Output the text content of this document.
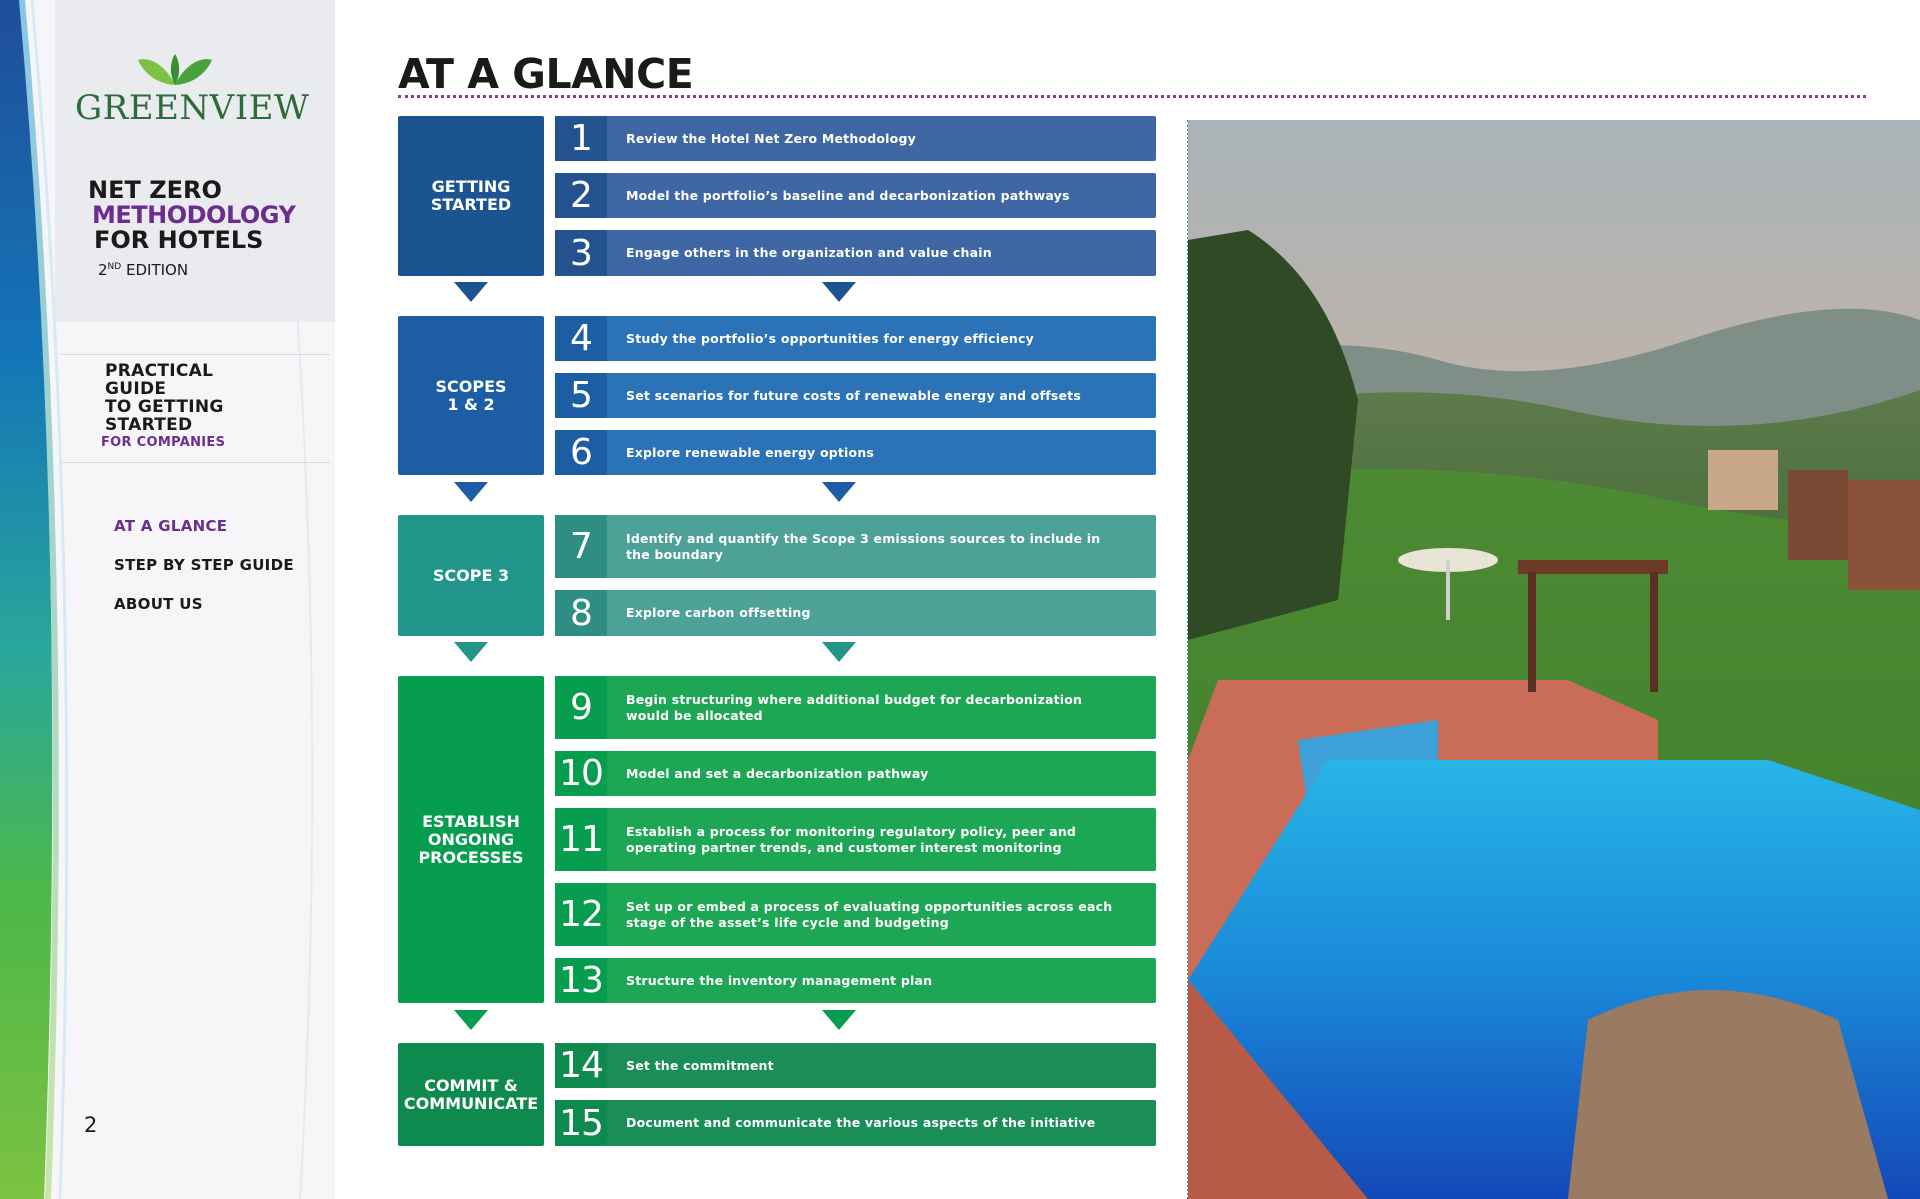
GREENVIEW
NET ZERO
METHODOLOGY
FOR HOTELS
2ND EDITION
PRACTICAL
GUIDE
TO GETTING
STARTED
FOR COMPANIES
AT A GLANCE
STEP BY STEP GUIDE
ABOUT US
2
AT A GLANCE
GETTING
STARTED
SCOPES
1 & 2
SCOPE 3
ESTABLISH
ONGOING
PROCESSES
COMMIT &
COMMUNICATE
1	Review the Hotel Net Zero Methodology
2	Model the portfolio’s baseline and decarbonization pathways
3	Engage others in the organization and value chain
4	Study the portfolio’s opportunities for energy efficiency
5	Set scenarios for future costs of renewable energy and offsets
6	Explore renewable energy options
7	Identify and quantify the Scope 3 emissions sources to include in the boundary
8	Explore carbon offsetting
9	Begin structuring where additional budget for decarbonization would be allocated
10	Model and set a decarbonization pathway
11	Establish a process for monitoring regulatory policy, peer and operating partner trends, and customer interest monitoring
12	Set up or embed a process of evaluating opportunities across each stage of the asset’s life cycle and budgeting
13	Structure the inventory management plan
14	Set the commitment
15	Document and communicate the various aspects of the initiative
